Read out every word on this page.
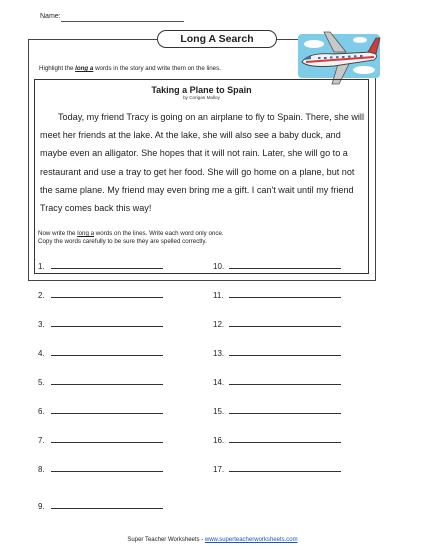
Name:
Long A Search
Highlight the long a words in the story and write them on the lines.
Taking a Plane to Spain
by Corigan Malloy

Today, my friend Tracy is going on an airplane to fly to Spain. There, she will meet her friends at the lake. At the lake, she will also see a baby duck, and maybe even an alligator. She hopes that it will not rain. Later, she will go to a restaurant and use a tray to get her food. She will go home on a plane, but not the same plane. My friend may even bring me a gift. I can't wait until my friend Tracy comes back this way!

Now write the long a words on the lines. Write each word only once.
Copy the words carefully to be sure they are spelled correctly.
1.
2.
3.
4.
5.
6.
7.
8.
9.
10.
11.
12.
13.
14.
15.
16.
17.
Super Teacher Worksheets - www.superteacherworksheets.com
